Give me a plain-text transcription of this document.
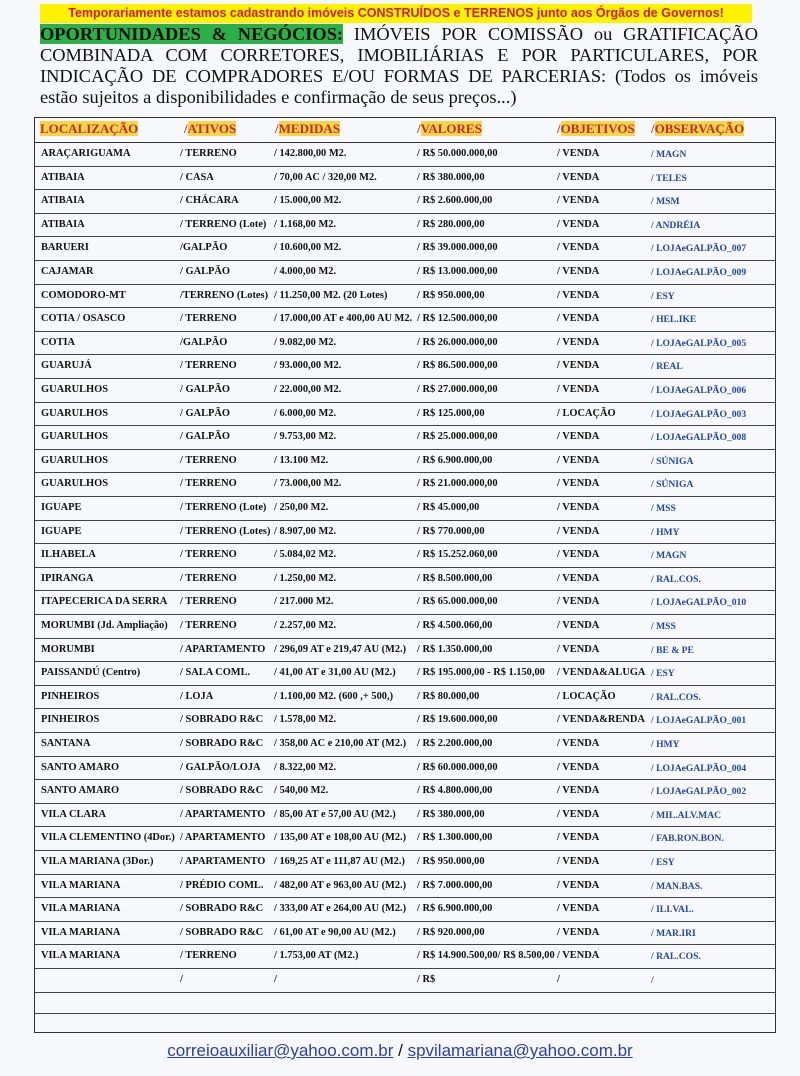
Temporariamente estamos cadastrando imóveis CONSTRUÍDOS e TERRENOS junto aos Órgãos de Governos!
OPORTUNIDADES & NEGÓCIOS: IMÓVEIS POR COMISSÃO ou GRATIFICAÇÃO COMBINADA COM CORRETORES, IMOBILIÁRIAS E POR PARTICULARES, POR INDICAÇÃO DE COMPRADORES E/OU FORMAS DE PARCERIAS: (Todos os imóveis estão sujeitos a disponibilidades e confirmação de seus preços...)
LOCALIZAÇÃO	/ATIVOS	/MEDIDAS	/VALORES	/OBJETIVOS /OBSERVAÇÃO
ARAÇARIGUAMA	/ TERRENO	/ 142.800,00 M2.	/ R$ 50.000.000,00	/ VENDA	/ MAGN
ATIBAIA	/ CASA	/ 70,00 AC / 320,00 M2.	/ R$ 380.000,00	/ VENDA	/ TELES
ATIBAIA	/ CHÁCARA	/ 15.000,00 M2.	/ R$ 2.600.000,00	/ VENDA	/ MSM
ATIBAIA	/ TERRENO (Lote) / 1.168,00 M2.	/ R$ 280.000,00	/ VENDA	/ ANDRÉIA
BARUERI	/GALPÃO	/ 10.600,00 M2.	/ R$ 39.000.000,00	/ VENDA	/ LOJAeGALPÃO_007
CAJAMAR	/ GALPÃO	/ 4.000,00 M2.	/ R$ 13.000.000,00	/ VENDA	/ LOJAeGALPÃO_009
COMODORO-MT	/TERRENO (Lotes) / 11.250,00 M2. (20 Lotes)	/ R$ 950.000,00	/ VENDA	/ ESY
COTIA / OSASCO	/ TERRENO	/ 17.000,00 AT e 400,00 AU M2. / R$ 12.500.000,00	/ VENDA	/ HEL.IKE
COTIA	/GALPÃO	/ 9.082,00 M2.	/ R$ 26.000.000,00	/ VENDA	/ LOJAeGALPÃO_005
GUARUJÁ	/ TERRENO	/ 93.000,00 M2.	/ R$ 86.500.000,00	/ VENDA	/ REAL
GUARULHOS	/ GALPÃO	/ 22.000,00 M2.	/ R$ 27.000.000,00	/ VENDA	/ LOJAeGALPÃO_006
GUARULHOS	/ GALPÃO	/ 6.000,00 M2.	/ R$ 125.000,00	/ LOCAÇÃO	/ LOJAeGALPÃO_003
GUARULHOS	/ GALPÃO	/ 9.753,00 M2.	/ R$ 25.000.000,00	/ VENDA	/ LOJAeGALPÃO_008
GUARULHOS	/ TERRENO	/ 13.100 M2.	/ R$ 6.900.000,00	/ VENDA	/ SÚNIGA
GUARULHOS	/ TERRENO	/ 73.000,00 M2.	/ R$ 21.000.000,00	/ VENDA	/ SÚNIGA
IGUAPE	/ TERRENO (Lote) / 250,00 M2.	/ R$ 45.000,00	/ VENDA	/ MSS
IGUAPE	/ TERRENO (Lotes) / 8.907,00 M2.	/ R$ 770.000,00	/ VENDA	/ HMY
ILHABELA	/ TERRENO	/ 5.084,02 M2.	/ R$ 15.252.060,00	/ VENDA	/ MAGN
IPIRANGA	/ TERRENO	/ 1.250,00 M2.	/ R$ 8.500.000,00	/ VENDA	/ RAL.COS.
ITAPECERICA DA SERRA / TERRENO	/ 217.000 M2.	/ R$ 65.000.000,00	/ VENDA	/ LOJAeGALPÃO_010
MORUMBI (Jd. Ampliação) / TERRENO	/ 2.257,00 M2.	/ R$ 4.500.060,00	/ VENDA	/ MSS
MORUMBI	/ APARTAMENTO / 296,09 AT e 219,47 AU (M2.) / R$ 1.350.000,00	/ VENDA	/ BE & PE
PAISSANDÚ (Centro)	/ SALA COML. / 41,00 AT e 31,00 AU (M2.) / R$ 195.000,00 - R$ 1.150,00 / VENDA&ALUGA / ESY
PINHEIROS	/ LOJA	/ 1.100,00 M2. (600 ,+ 500,) / R$ 80.000,00	/ LOCAÇÃO	/ RAL.COS.
PINHEIROS	/ SOBRADO R&C / 1.578,00 M2.	/ R$ 19.600.000,00	/ VENDA&RENDA / LOJAeGALPÃO_001
SANTANA	/ SOBRADO R&C / 358,00 AC e 210,00 AT (M2.) / R$ 2.200.000,00	/ VENDA	/ HMY
SANTO AMARO	/ GALPÃO/LOJA / 8.322,00 M2.	/ R$ 60.000.000,00	/ VENDA	/ LOJAeGALPÃO_004
SANTO AMARO	/ SOBRADO R&C / 540,00 M2.	/ R$ 4.800.000,00	/ VENDA	/ LOJAeGALPÃO_002
VILA CLARA	/ APARTAMENTO / 85,00 AT e 57,00 AU (M2.) / R$ 380.000,00	/ VENDA	/ MIL.ALV.MAC
VILA CLEMENTINO (4Dor.) / APARTAMENTO / 135,00 AT e 108,00 AU (M2.) / R$ 1.300.000,00	/ VENDA	/ FAB.RON.BON.
VILA MARIANA (3Dor.)	/ APARTAMENTO / 169,25 AT e 111,87 AU (M2.) / R$ 950.000,00	/ VENDA	/ ESY
VILA MARIANA	/ PRÉDIO COML. / 482,00 AT e 963,00 AU (M2.) / R$ 7.000.000,00	/ VENDA	/ MAN.BAS.
VILA MARIANA	/ SOBRADO R&C / 333,00 AT e 264,00 AU (M2.) / R$ 6.900.000,00	/ VENDA	/ ILI.VAL.
VILA MARIANA	/ SOBRADO R&C / 61,00 AT e 90,00 AU (M2.) / R$ 920.000,00	/ VENDA	/ MAR.IRI
VILA MARIANA	/ TERRENO	/ 1.753,00 AT (M2.)	/ R$ 14.900.500,00/ R$ 8.500,00 / VENDA	/ RAL.COS.
/	/	/ R$	/	/
correioauxiliar@yahoo.com.br / spvilamariana@yahoo.com.br
